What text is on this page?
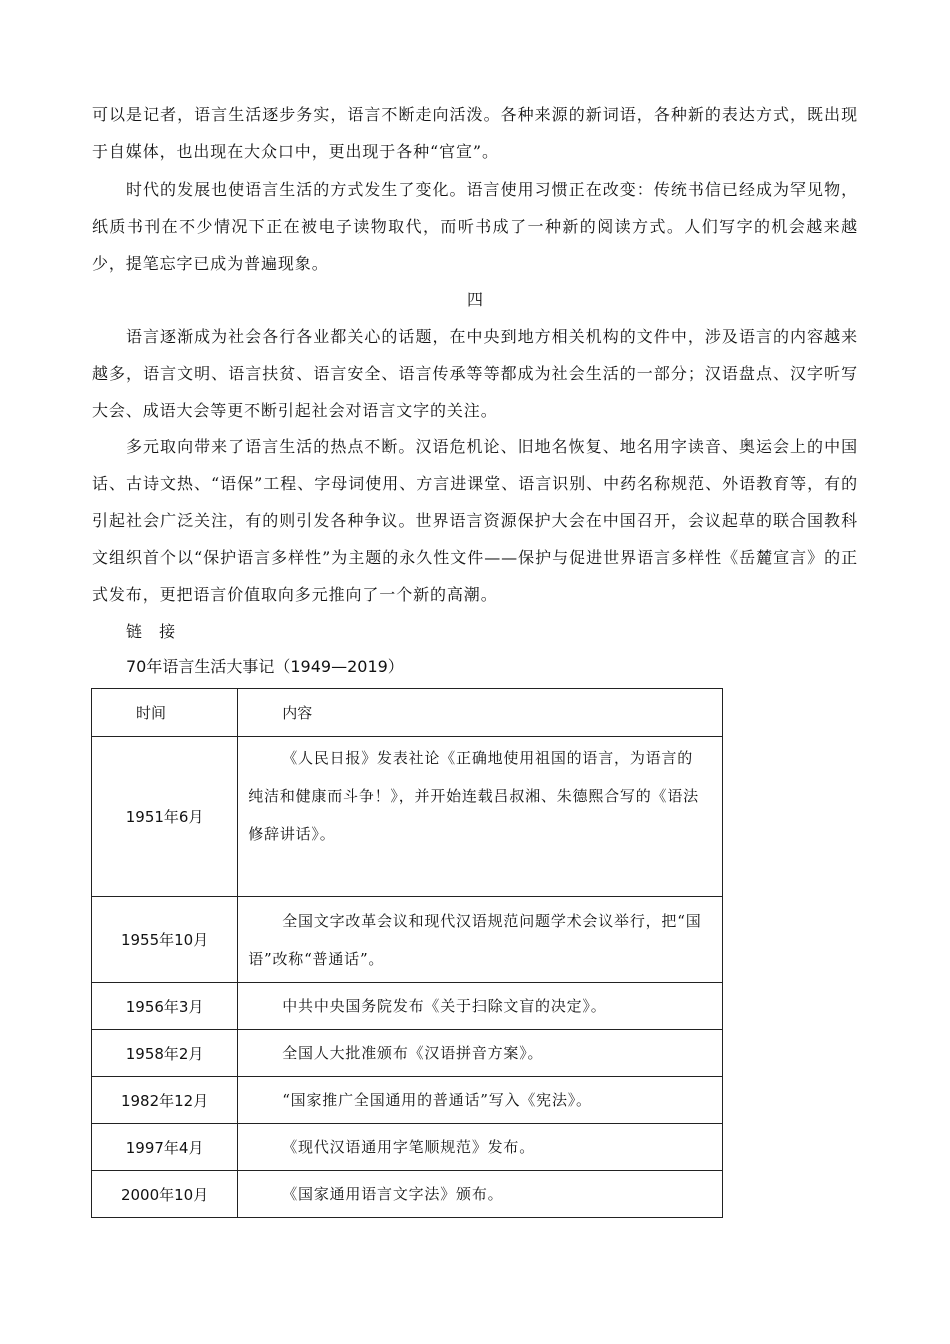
可以是记者，语言生活逐步务实，语言不断走向活泼。各种来源的新词语，各种新的表达方式，既出现于自媒体，也出现在大众口中，更出现于各种“官宣”。

时代的发展也使语言生活的方式发生了变化。语言使用习惯正在改变：传统书信已经成为罕见物，纸质书刊在不少情况下正在被电子读物取代，而听书成了一种新的阅读方式。人们写字的机会越来越少，提笔忘字已成为普遍现象。

四

语言逐渐成为社会各行各业都关心的话题，在中央到地方相关机构的文件中，涉及语言的内容越来越多，语言文明、语言扶贫、语言安全、语言传承等等都成为社会生活的一部分；汉语盘点、汉字听写大会、成语大会等更不断引起社会对语言文字的关注。

多元取向带来了语言生活的热点不断。汉语危机论、旧地名恢复、地名用字读音、奥运会上的中国话、古诗文热、“语保”工程、字母词使用、方言进课堂、语言识别、中药名称规范、外语教育等，有的引起社会广泛关注，有的则引发各种争议。世界语言资源保护大会在中国召开，会议起草的联合国教科文组织首个以“保护语言多样性”为主题的永久性文件——保护与促进世界语言多样性《岳麓宣言》的正式发布，更把语言价值取向多元推向了一个新的高潮。

链 接
70年语言生活大事记（1949—2019）
时间	内容
1951年6月	《人民日报》发表社论《正确地使用祖国的语言，为语言的纯洁和健康而斗争！》，并开始连载吕叔湘、朱德熙合写的《语法修辞讲话》。

1955年10月	全国文字改革会议和现代汉语规范问题学术会议举行，把“国语”改称“普通话”。

1956年3月	中共中央国务院发布《关于扫除文盲的决定》。

1958年2月	全国人大批准颁布《汉语拼音方案》。

1982年12月	“国家推广全国通用的普通话”写入《宪法》。

1997年4月	《现代汉语通用字笔顺规范》发布。

2000年10月	《国家通用语言文字法》颁布。
